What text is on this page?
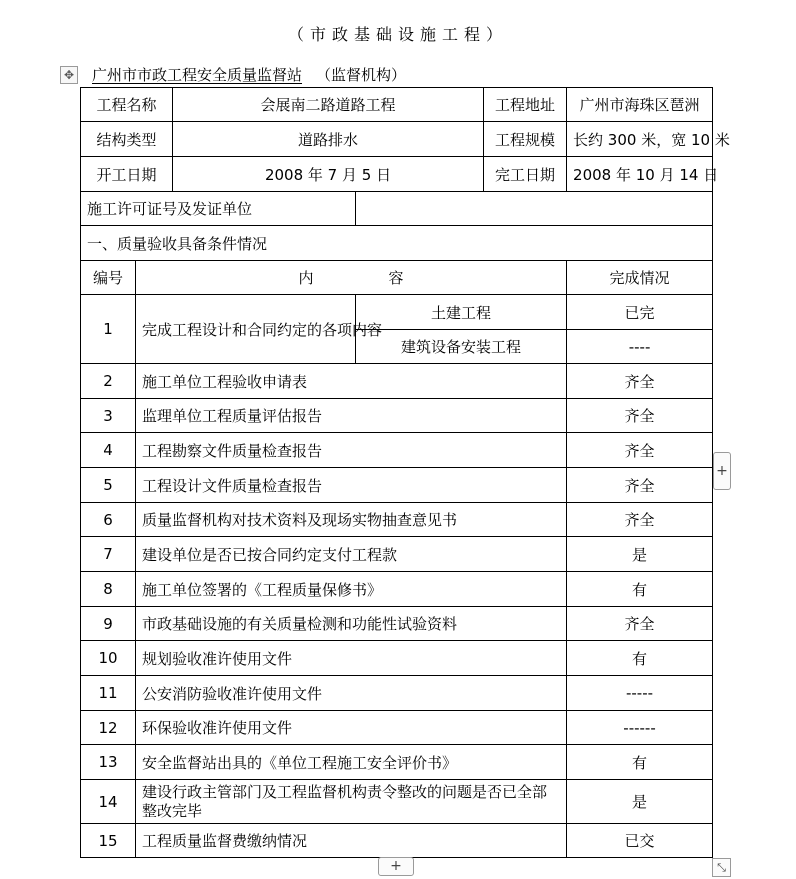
（市政基础设施工程）
✥ 广州市市政工程安全质量监督站 （监督机构）
工程名称		会展南二路道路工程		工程地址	广州市海珠区琶洲
结构类型		道路排水		工程规模	长约 300 米，宽 10 米
开工日期		2008 年 7 月 5 日		完工日期	2008 年 10 月 14 日
施工许可证号及发证单位					
一、质量验收具备条件情况					
编号	内　　　　　容				完成情况
1	完成工程设计和合同约定的各项内容		土建工程		已完
			建筑设备安装工程		----
2	施工单位工程验收申请表				齐全
3	监理单位工程质量评估报告				齐全
4	工程勘察文件质量检查报告				齐全
5	工程设计文件质量检查报告				齐全
6	质量监督机构对技术资料及现场实物抽查意见书				齐全
7	建设单位是否已按合同约定支付工程款				是
8	施工单位签署的《工程质量保修书》				有
9	市政基础设施的有关质量检测和功能性试验资料				齐全
10	规划验收准许使用文件				有
11	公安消防验收准许使用文件				-----
12	环保验收准许使用文件				------
13	安全监督站出具的《单位工程施工安全评价书》				有
14	建设行政主管部门及工程监督机构责令整改的问题是否已全部整改完毕				是
15	工程质量监督费缴纳情况				已交
+
+	⤡
